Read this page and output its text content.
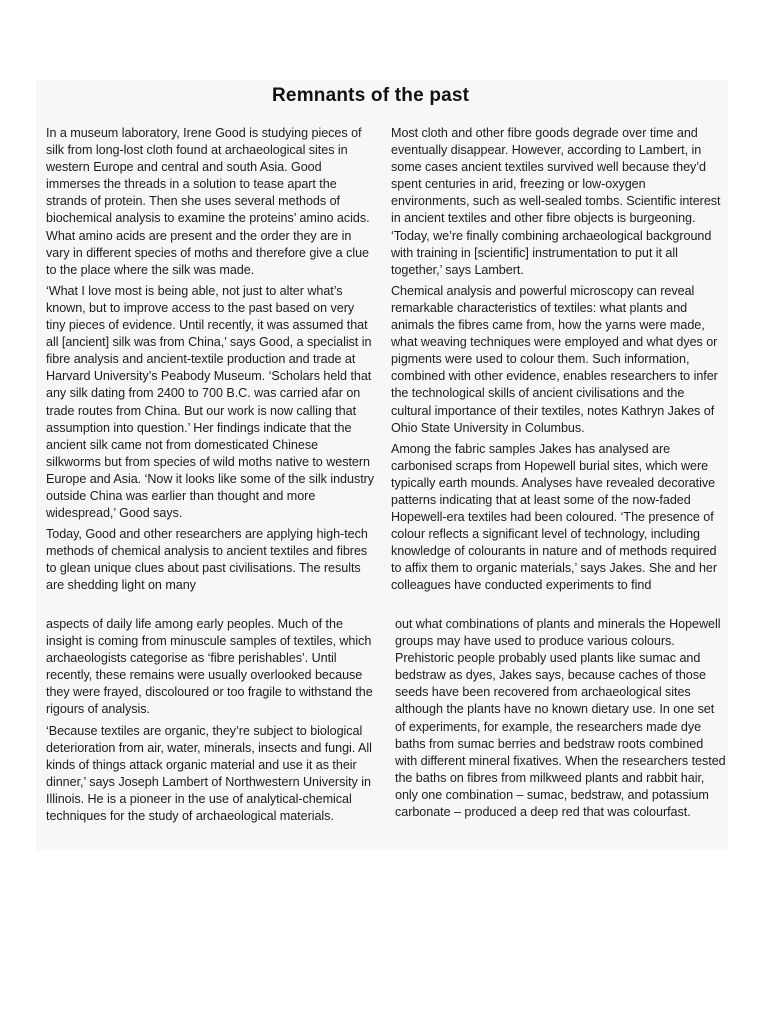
Remnants of the past

In a museum laboratory, Irene Good is studying pieces of silk from long-lost cloth found at archaeological sites in western Europe and central and south Asia. Good immerses the threads in a solution to tease apart the strands of protein. Then she uses several methods of biochemical analysis to examine the proteins’ amino acids. What amino acids are present and the order they are in vary in different species of moths and therefore give a clue to the place where the silk was made.

‘What I love most is being able, not just to alter what’s known, but to improve access to the past based on very tiny pieces of evidence. Until recently, it was assumed that all [ancient] silk was from China,’ says Good, a specialist in fibre analysis and ancient-textile production and trade at Harvard University’s Peabody Museum. ‘Scholars held that any silk dating from 2400 to 700 B.C. was carried afar on trade routes from China. But our work is now calling that assumption into question.’ Her findings indicate that the ancient silk came not from domesticated Chinese silkworms but from species of wild moths native to western Europe and Asia. ‘Now it looks like some of the silk industry outside China was earlier than thought and more widespread,’ Good says.

Today, Good and other researchers are applying high-tech methods of chemical analysis to ancient textiles and fibres to glean unique clues about past civilisations. The results are shedding light on many

Most cloth and other fibre goods degrade over time and eventually disappear. However, according to Lambert, in some cases ancient textiles survived well because they’d spent centuries in arid, freezing or low-oxygen environments, such as well-sealed tombs. Scientific interest in ancient textiles and other fibre objects is burgeoning. ‘Today, we’re finally combining archaeological background with training in [scientific] instrumentation to put it all together,’ says Lambert.

Chemical analysis and powerful microscopy can reveal remarkable characteristics of textiles: what plants and animals the fibres came from, how the yarns were made, what weaving techniques were employed and what dyes or pigments were used to colour them. Such information, combined with other evidence, enables researchers to infer the technological skills of ancient civilisations and the cultural importance of their textiles, notes Kathryn Jakes of Ohio State University in Columbus.

Among the fabric samples Jakes has analysed are carbonised scraps from Hopewell burial sites, which were typically earth mounds. Analyses have revealed decorative patterns indicating that at least some of the now-faded Hopewell-era textiles had been coloured. ‘The presence of colour reflects a significant level of technology, including knowledge of colourants in nature and of methods required to affix them to organic materials,’ says Jakes. She and her colleagues have conducted experiments to find

aspects of daily life among early peoples. Much of the insight is coming from minuscule samples of textiles, which archaeologists categorise as ‘fibre perishables’. Until recently, these remains were usually overlooked because they were frayed, discoloured or too fragile to withstand the rigours of analysis.

‘Because textiles are organic, they’re subject to biological deterioration from air, water, minerals, insects and fungi. All kinds of things attack organic material and use it as their dinner,’ says Joseph Lambert of Northwestern University in Illinois. He is a pioneer in the use of analytical-chemical techniques for the study of archaeological materials.

out what combinations of plants and minerals the Hopewell groups may have used to produce various colours. Prehistoric people probably used plants like sumac and bedstraw as dyes, Jakes says, because caches of those seeds have been recovered from archaeological sites although the plants have no known dietary use. In one set of experiments, for example, the researchers made dye baths from sumac berries and bedstraw roots combined with different mineral fixatives. When the researchers tested the baths on fibres from milkweed plants and rabbit hair, only one combination – sumac, bedstraw, and potassium carbonate – produced a deep red that was colourfast.
